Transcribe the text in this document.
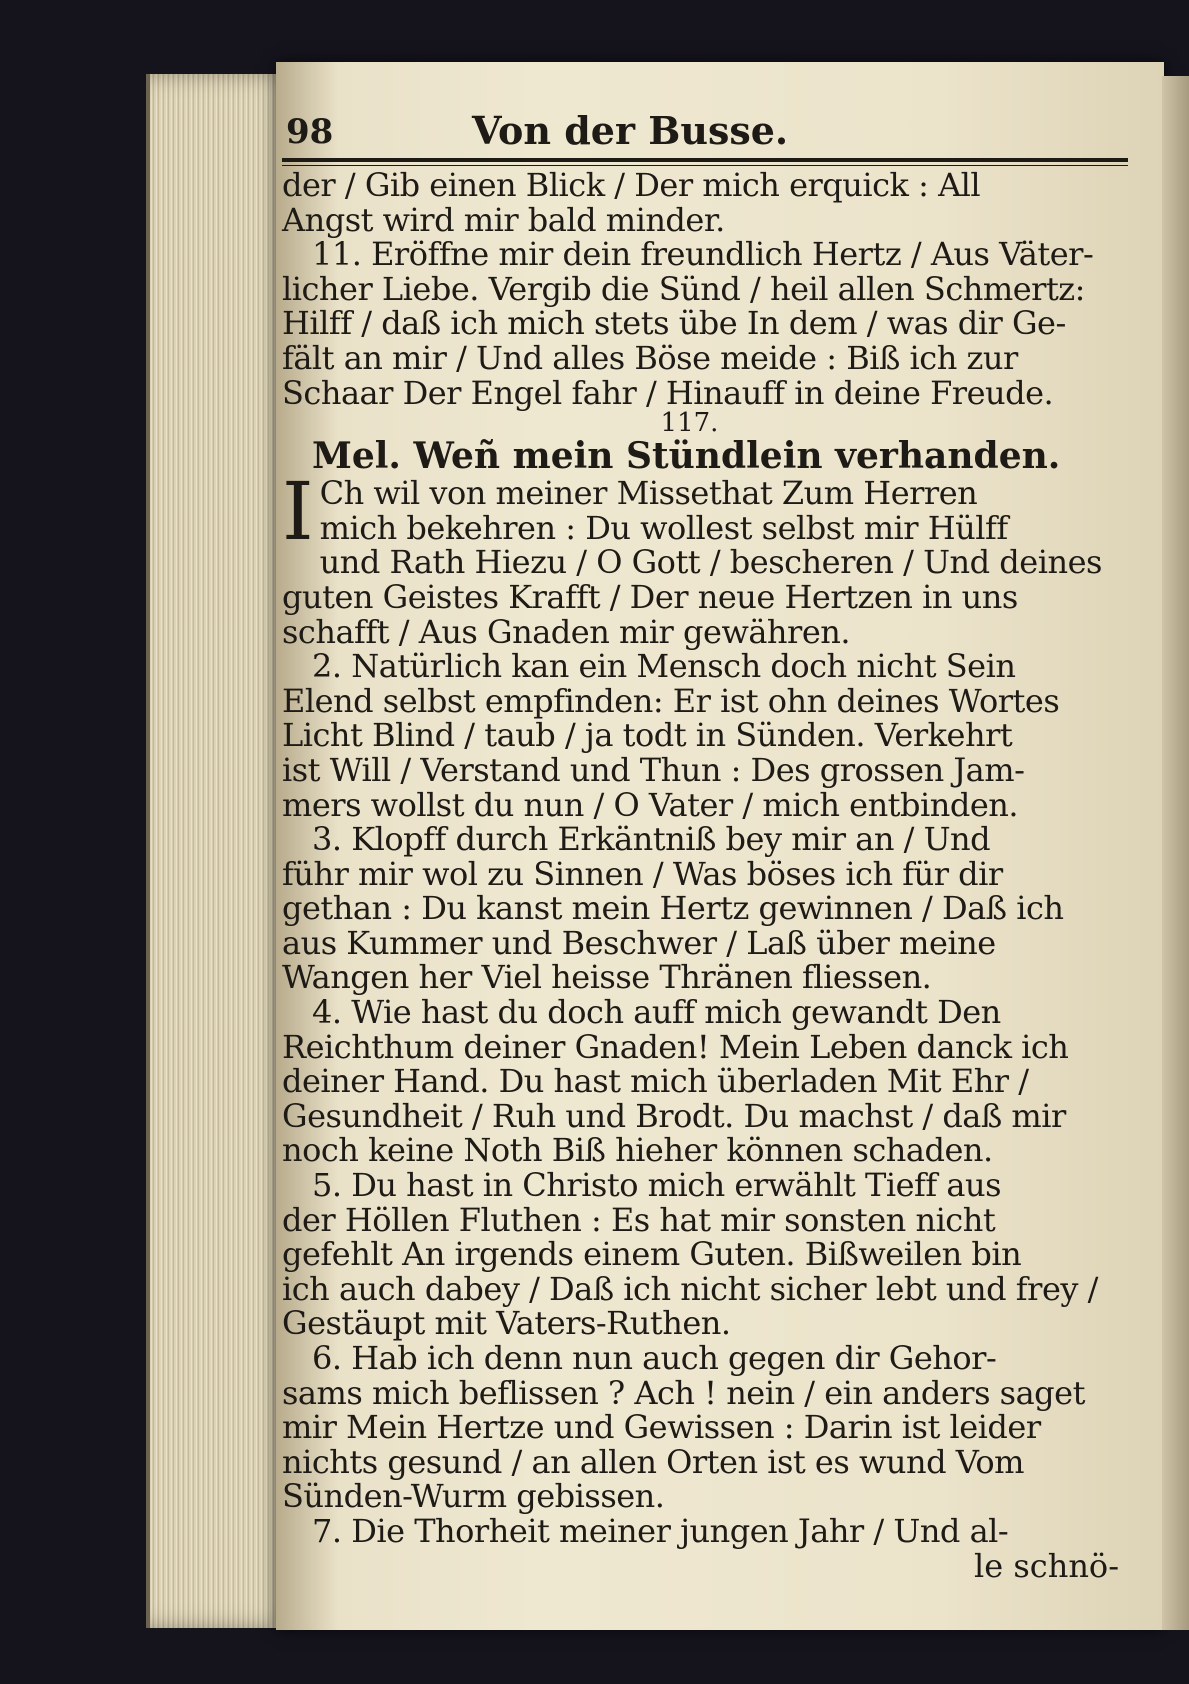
98	Von der Busse.
der / Gib einen Blick / Der mich erquick : All
Angst wird mir bald minder.
11. Eröffne mir dein freundlich Hertz / Aus Väter-
licher Liebe. Vergib die Sünd / heil allen Schmertz:
Hilff / daß ich mich stets übe In dem / was dir Ge-
fält an mir / Und alles Böse meide : Biß ich zur
Schaar Der Engel fahr / Hinauff in deine Freude.
117.
Mel. Weñ mein Stündlein verhanden.
I Ch wil von meiner Missethat Zum Herren
mich bekehren : Du wollest selbst mir Hülff
und Rath Hiezu / O Gott / bescheren / Und deines
guten Geistes Krafft / Der neue Hertzen in uns
schafft / Aus Gnaden mir gewähren.
2. Natürlich kan ein Mensch doch nicht Sein
Elend selbst empfinden: Er ist ohn deines Wortes
Licht Blind / taub / ja todt in Sünden. Verkehrt
ist Will / Verstand und Thun : Des grossen Jam-
mers wollst du nun / O Vater / mich entbinden.
3. Klopff durch Erkäntniß bey mir an / Und
führ mir wol zu Sinnen / Was böses ich für dir
gethan : Du kanst mein Hertz gewinnen / Daß ich
aus Kummer und Beschwer / Laß über meine
Wangen her Viel heisse Thränen fliessen.
4. Wie hast du doch auff mich gewandt Den
Reichthum deiner Gnaden! Mein Leben danck ich
deiner Hand. Du hast mich überladen Mit Ehr /
Gesundheit / Ruh und Brodt. Du machst / daß mir
noch keine Noth Biß hieher können schaden.
5. Du hast in Christo mich erwählt Tieff aus
der Höllen Fluthen : Es hat mir sonsten nicht
gefehlt An irgends einem Guten. Bißweilen bin
ich auch dabey / Daß ich nicht sicher lebt und frey /
Gestäupt mit Vaters-Ruthen.
6. Hab ich denn nun auch gegen dir Gehor-
sams mich beflissen ? Ach ! nein / ein anders saget
mir Mein Hertze und Gewissen : Darin ist leider
nichts gesund / an allen Orten ist es wund Vom
Sünden-Wurm gebissen.
7. Die Thorheit meiner jungen Jahr / Und al-
le schnö-
